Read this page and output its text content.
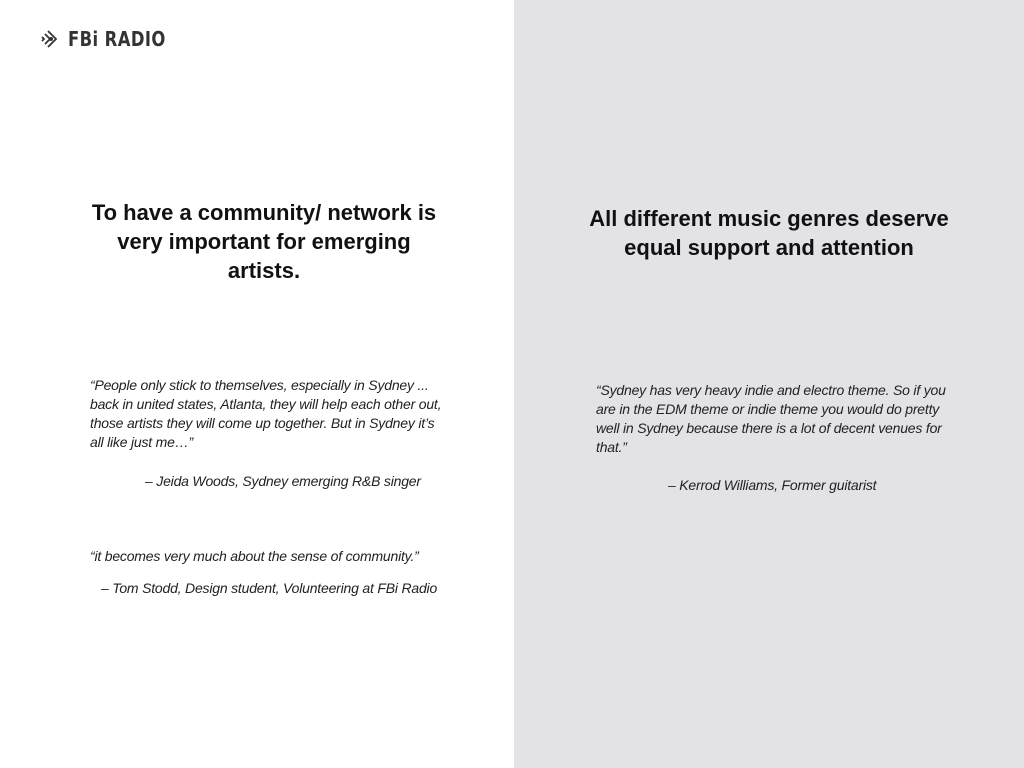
FBi RADIO
To have a community/ network is very important for emerging artists.

“People only stick to themselves, especially in Sydney ... back in united states, Atlanta, they will help each other out, those artists they will come up together. But in Sydney it’s all like just me…”

– Jeida Woods, Sydney emerging R&B singer

“it becomes very much about the sense of community.”

– Tom Stodd, Design student, Volunteering at FBi Radio

All different music genres deserve equal support and attention

“Sydney has very heavy indie and electro theme. So if you are in the EDM theme or indie theme you would do pretty well in Sydney because there is a lot of decent venues for that.”

– Kerrod Williams, Former guitarist
